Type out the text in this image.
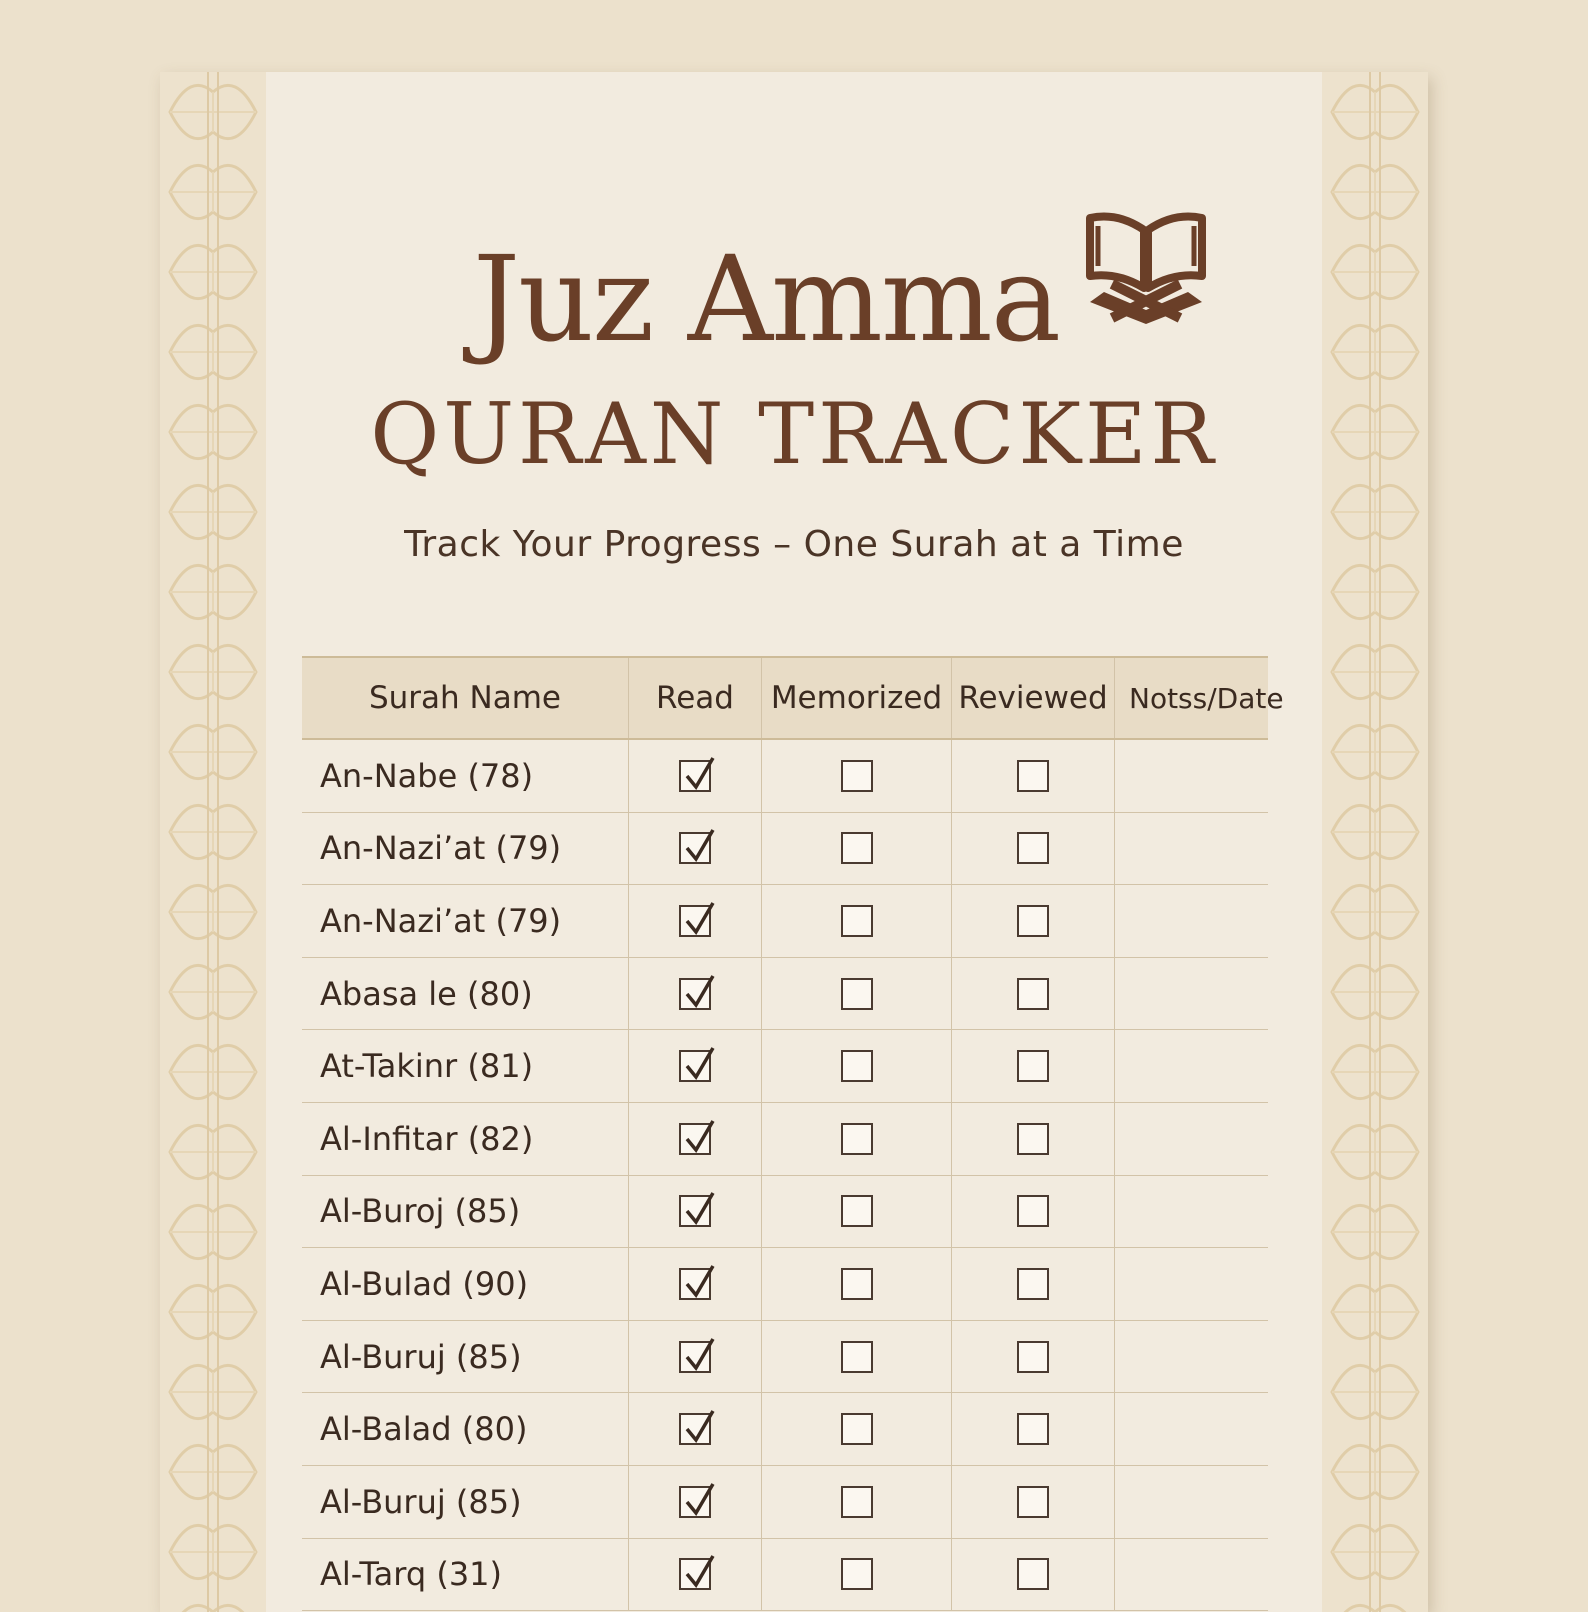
Juz Amma
QURAN TRACKER
Track Your Progress – One Surah at a Time
Surah Name	Read	Memorized Reviewed Notss/Date
An-Nabe (78)
An-Nazi’at (79)
An-Nazi’at (79)
Abasa le (80)
At-Takinr (81)
Al-Infitar (82)
Al-Buroj (85)
Al-Bulad (90)
Al-Buruj (85)
Al-Balad (80)
Al-Buruj (85)
Al-Tarq (31)
